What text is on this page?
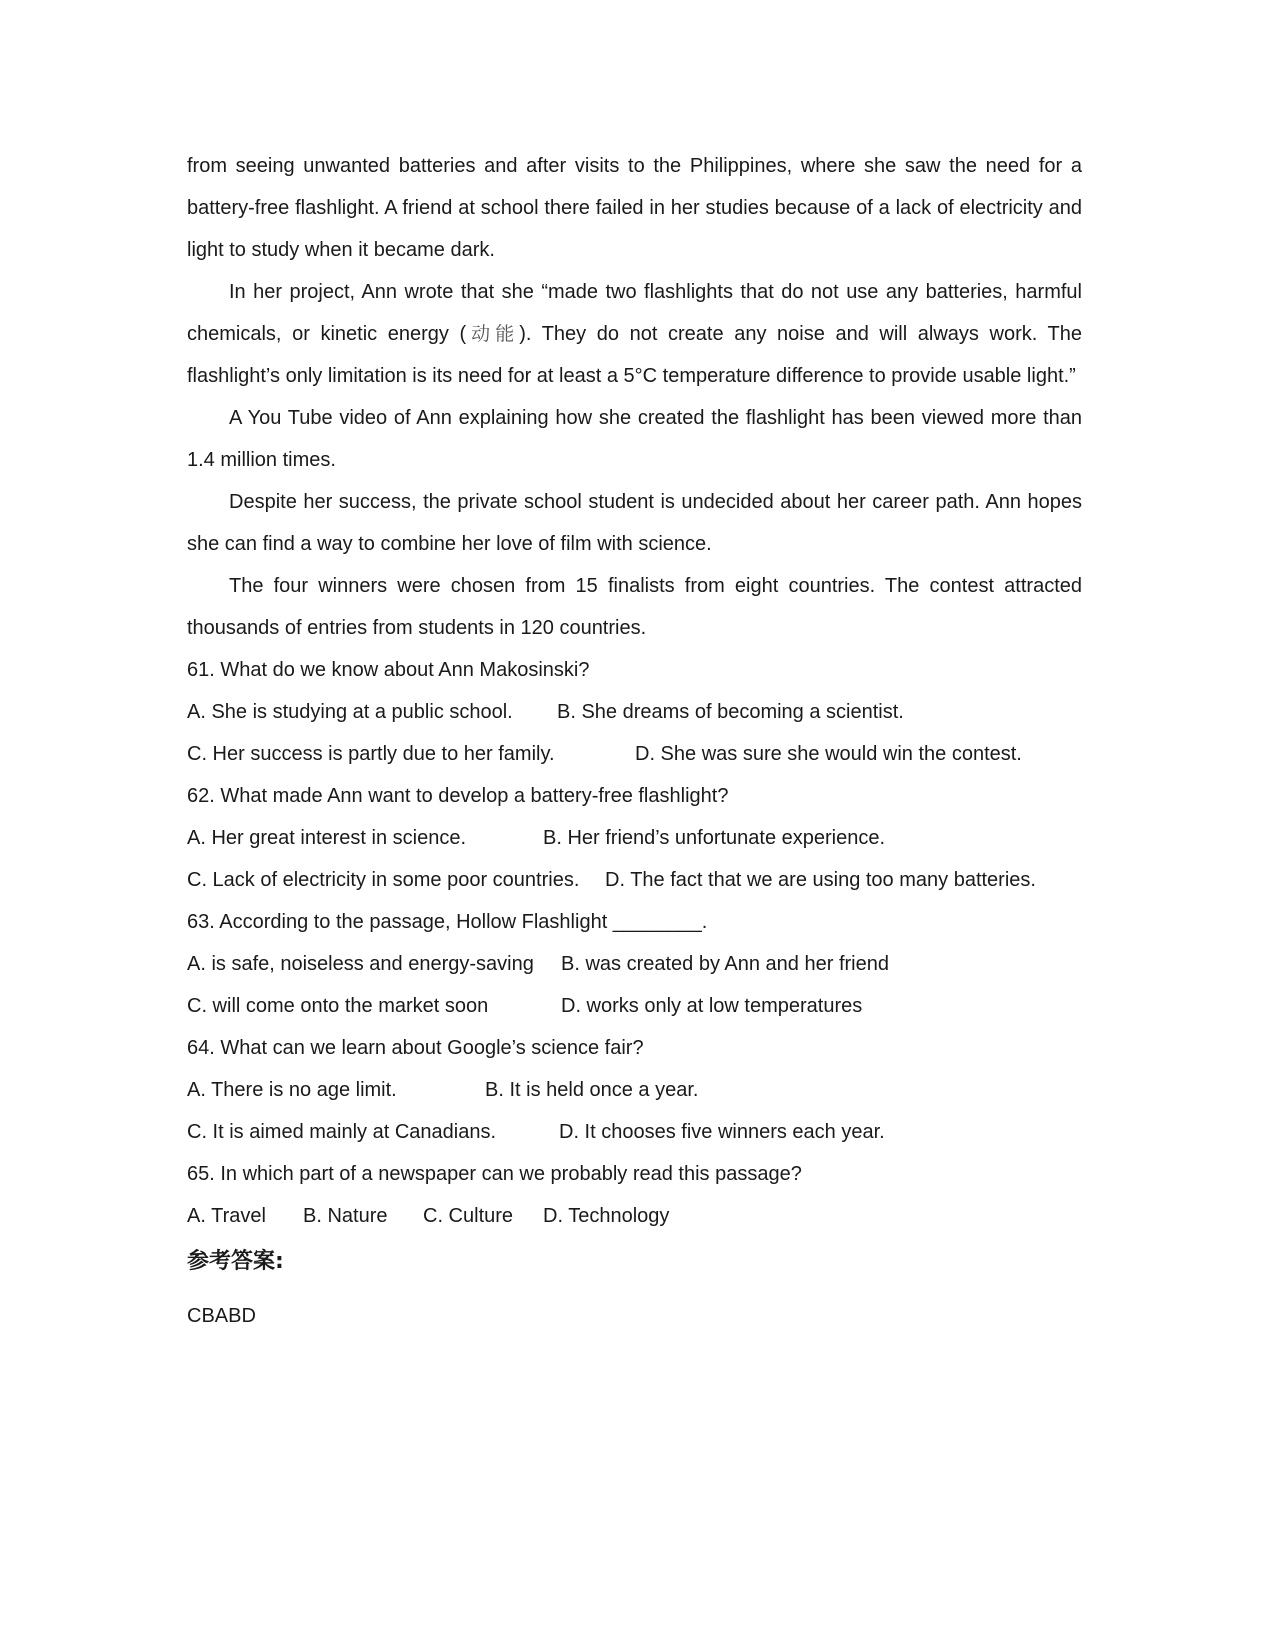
from seeing unwanted batteries and after visits to the Philippines, where she saw the need for a battery-free flashlight. A friend at school there failed in her studies because of a lack of electricity and light to study when it became dark.

In her project, Ann wrote that she “made two flashlights that do not use any batteries, harmful chemicals, or kinetic energy (动能). They do not create any noise and will always work. The flashlight’s only limitation is its need for at least a 5°C temperature difference to provide usable light.”

A You Tube video of Ann explaining how she created the flashlight has been viewed more than 1.4 million times.

Despite her success, the private school student is undecided about her career path. Ann hopes she can find a way to combine her love of film with science.

The four winners were chosen from 15 finalists from eight countries. The contest attracted thousands of entries from students in 120 countries.

61. What do we know about Ann Makosinski?

A. She is studying at a public school. B. She dreams of becoming a scientist.
C. Her success is partly due to her family.	D. She was sure she would win the contest.

62. What made Ann want to develop a battery-free flashlight?

A. Her great interest in science.	B. Her friend’s unfortunate experience.
C. Lack of electricity in some poor countries. D. The fact that we are using too many batteries.

63. According to the passage, Hollow Flashlight ________.

A. is safe, noiseless and energy-saving B. was created by Ann and her friend
C. will come onto the market soon	D. works only at low temperatures

64. What can we learn about Google’s science fair?

A. There is no age limit.	B. It is held once a year.
C. It is aimed mainly at Canadians.	D. It chooses five winners each year.

65. In which part of a newspaper can we probably read this passage?

A. Travel B. Nature C. Culture D. Technology
参考答案:
CBABD
